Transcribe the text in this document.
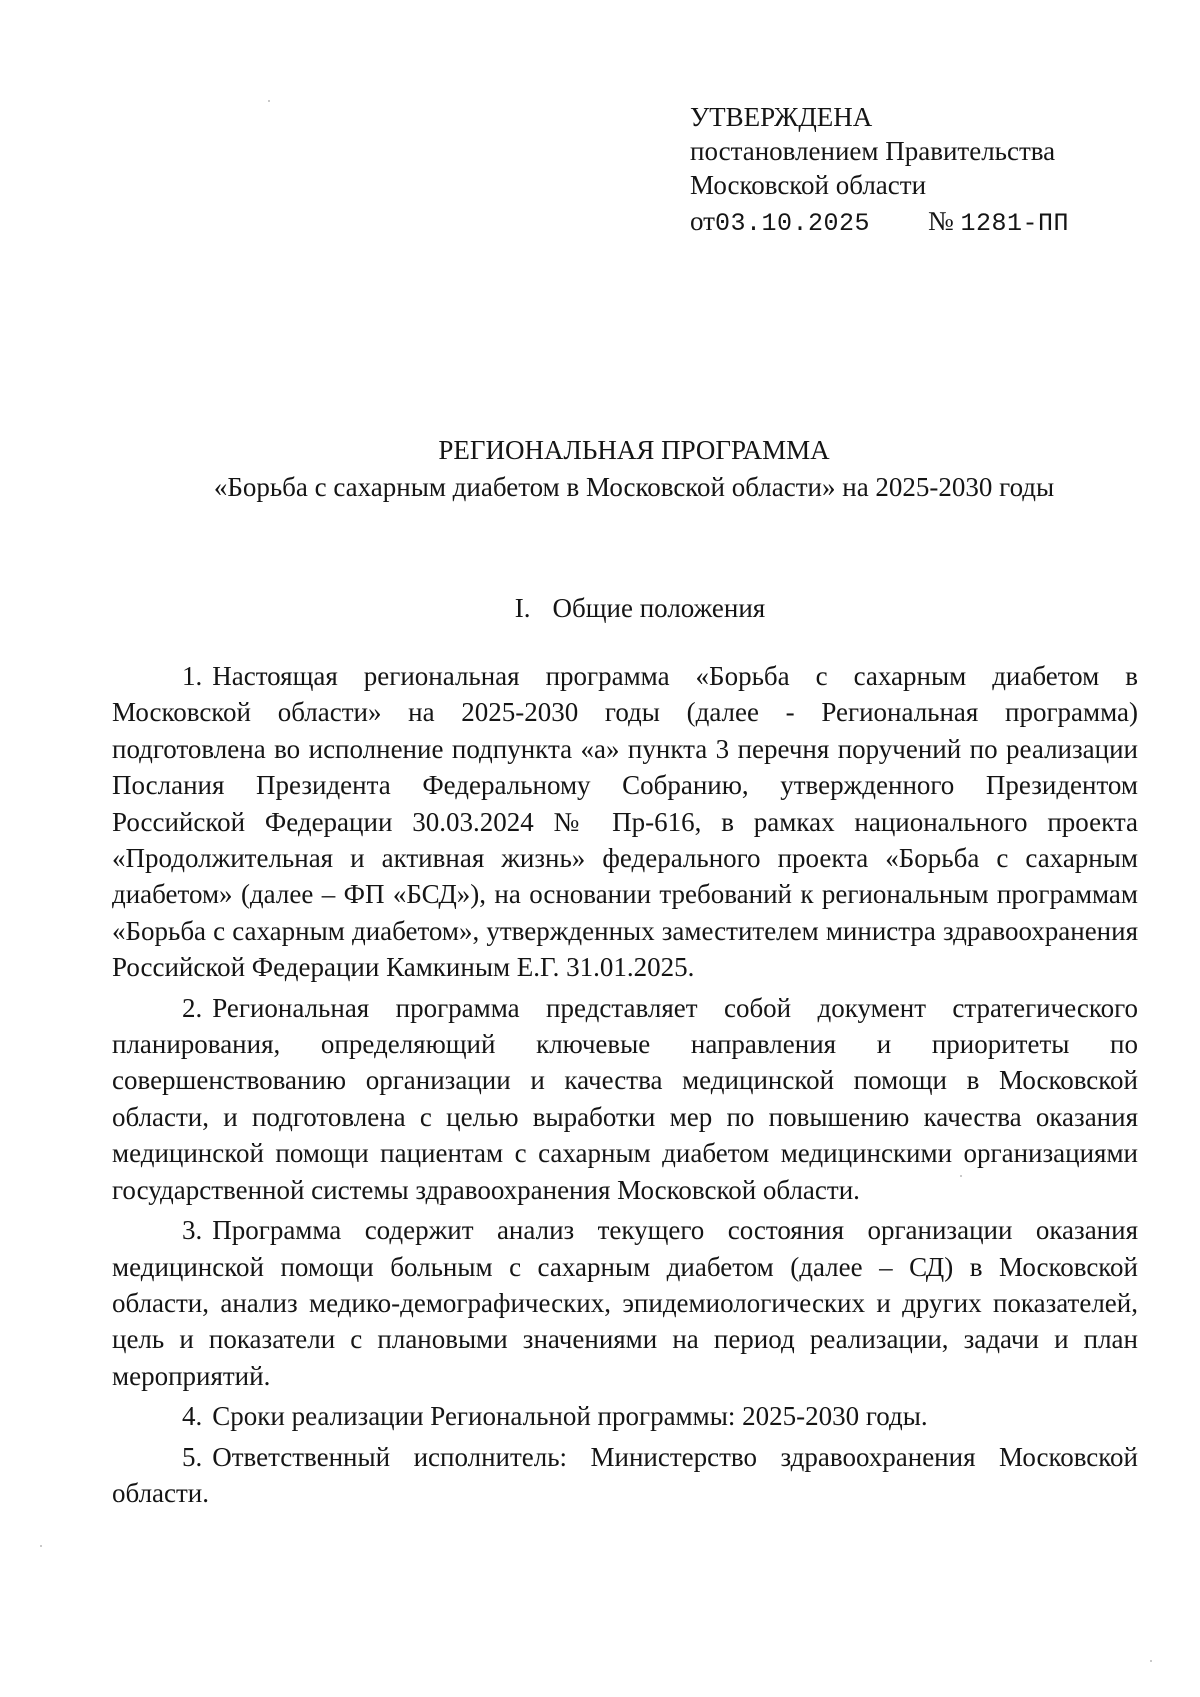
УТВЕРЖДЕНА
постановлением Правительства
Московской области
от03.10.2025 № 1281-ПП
РЕГИОНАЛЬНАЯ ПРОГРАММА
«Борьба с сахарным диабетом в Московской области» на 2025-2030 годы
I. Общие положения

1. Настоящая региональная программа «Борьба с сахарным диабетом в Московской области» на 2025-2030 годы (далее - Региональная программа) подготовлена во исполнение подпункта «а» пункта 3 перечня поручений по реализации Послания Президента Федеральному Собранию, утвержденного Президентом Российской Федерации 30.03.2024 № Пр-616, в рамках национального проекта «Продолжительная и активная жизнь» федерального проекта «Борьба с сахарным диабетом» (далее – ФП «БСД»), на основании требований к региональным программам «Борьба с сахарным диабетом», утвержденных заместителем министра здравоохранения Российской Федерации Камкиным Е.Г. 31.01.2025.

2. Региональная программа представляет собой документ стратегического планирования, определяющий ключевые направления и приоритеты по совершенствованию организации и качества медицинской помощи в Московской области, и подготовлена с целью выработки мер по повышению качества оказания медицинской помощи пациентам с сахарным диабетом медицинскими организациями государственной системы здравоохранения Московской области.

3. Программа содержит анализ текущего состояния организации оказания медицинской помощи больным с сахарным диабетом (далее – СД) в Московской области, анализ медико-демографических, эпидемиологических и других показателей, цель и показатели с плановыми значениями на период реализации, задачи и план мероприятий.

4. Сроки реализации Региональной программы: 2025-2030 годы.

5. Ответственный исполнитель: Министерство здравоохранения Московской области.
